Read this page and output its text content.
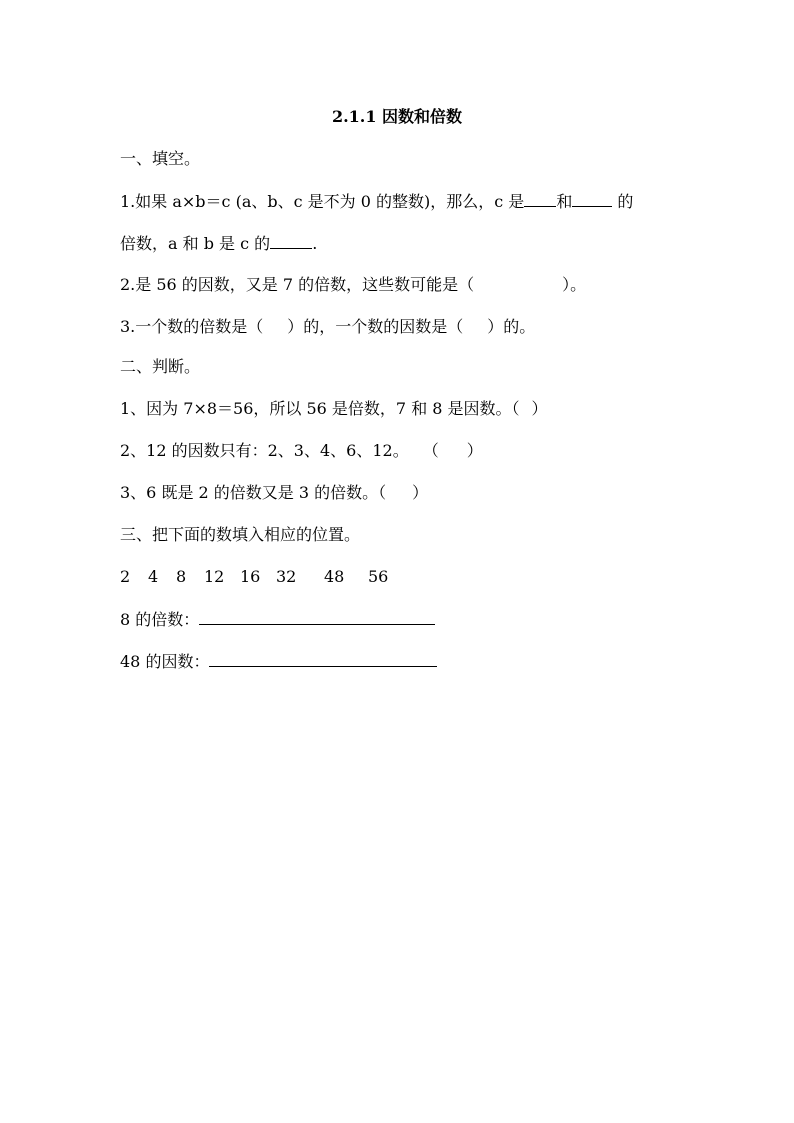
2.1.1 因数和倍数
一、填空。
1.如果 a×b＝c (a、b、c 是不为 0 的整数)，那么，c 是 和	的
倍数，a 和 b 是 c 的	.
2.是 56 的因数，又是 7 的倍数，这些数可能是（	）。
3.一个数的倍数是（ ）的，一个数的因数是（ ）的。
二、判断。
1、因为 7×8＝56，所以 56 是倍数，7 和 8 是因数。（ ）
2、12 的因数只有：2、3、4、6、12。 （ ）
3、6 既是 2 的倍数又是 3 的倍数。（ ）
三、把下面的数填入相应的位置。
2 4 8 12 16 32 48 56
8 的倍数：
48 的因数：
